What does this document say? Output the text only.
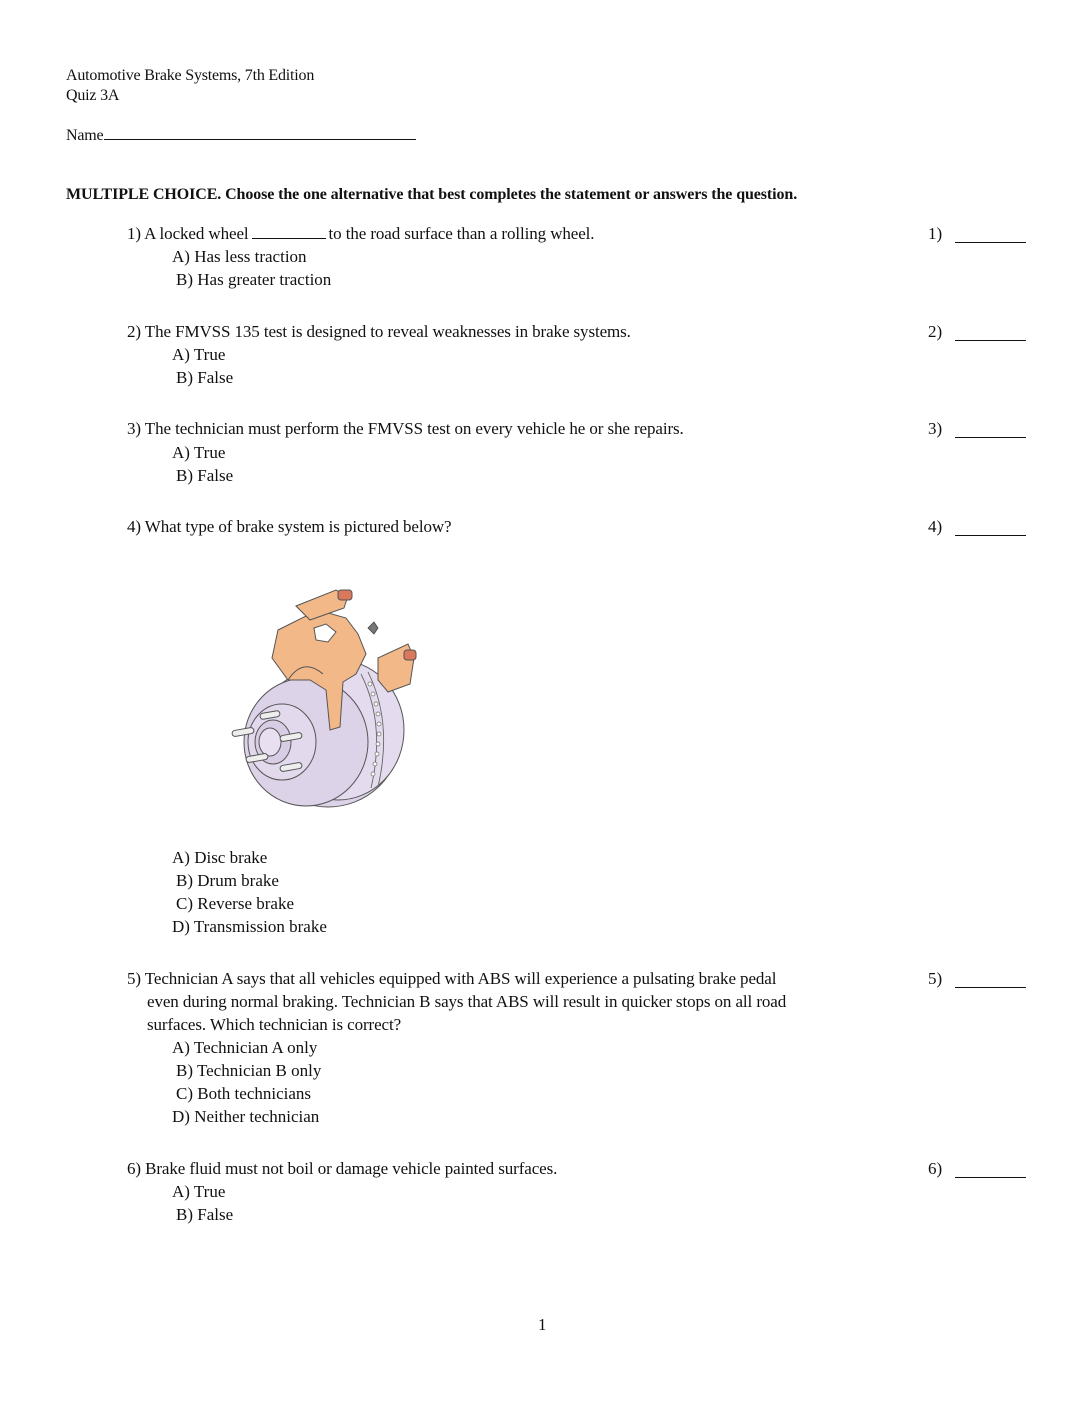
Automotive Brake Systems, 7th Edition
Quiz 3A
Name
MULTIPLE CHOICE. Choose the one alternative that best completes the statement or answers the question.
1) A locked wheel	to the road surface than a rolling wheel.	1)
A) Has less traction
B) Has greater traction
2) The FMVSS 135 test is designed to reveal weaknesses in brake systems.	2)
A) True
B) False
3) The technician must perform the FMVSS test on every vehicle he or she repairs.	3)
A) True
B) False
4) What type of brake system is pictured below?	4)
A) Disc brake
B) Drum brake
C) Reverse brake
D) Transmission brake
5) Technician A says that all vehicles equipped with ABS will experience a pulsating brake pedal
even during normal braking. Technician B says that ABS will result in quicker stops on all road
surfaces. Which technician is correct?
5)
A) Technician A only
B) Technician B only
C) Both technicians
D) Neither technician
6) Brake fluid must not boil or damage vehicle painted surfaces.	6)
A) True
B) False
1
